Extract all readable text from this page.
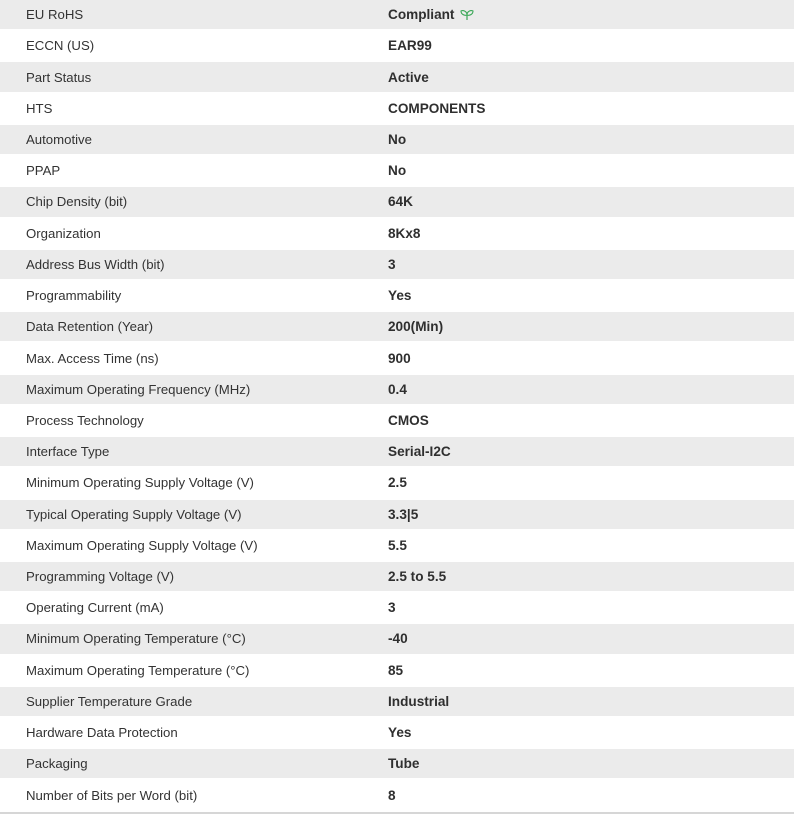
EU RoHS	Compliant
ECCN (US)	EAR99
Part Status	Active
HTS	COMPONENTS
Automotive	No
PPAP	No
Chip Density (bit)	64K
Organization	8Kx8
Address Bus Width (bit)	3
Programmability	Yes
Data Retention (Year)	200(Min)
Max. Access Time (ns)	900
Maximum Operating Frequency (MHz)	0.4
Process Technology	CMOS
Interface Type	Serial-I2C
Minimum Operating Supply Voltage (V)	2.5
Typical Operating Supply Voltage (V)	3.3|5
Maximum Operating Supply Voltage (V)	5.5
Programming Voltage (V)	2.5 to 5.5
Operating Current (mA)	3
Minimum Operating Temperature (°C)	-40
Maximum Operating Temperature (°C)	85
Supplier Temperature Grade	Industrial
Hardware Data Protection	Yes
Packaging	Tube
Number of Bits per Word (bit)	8
